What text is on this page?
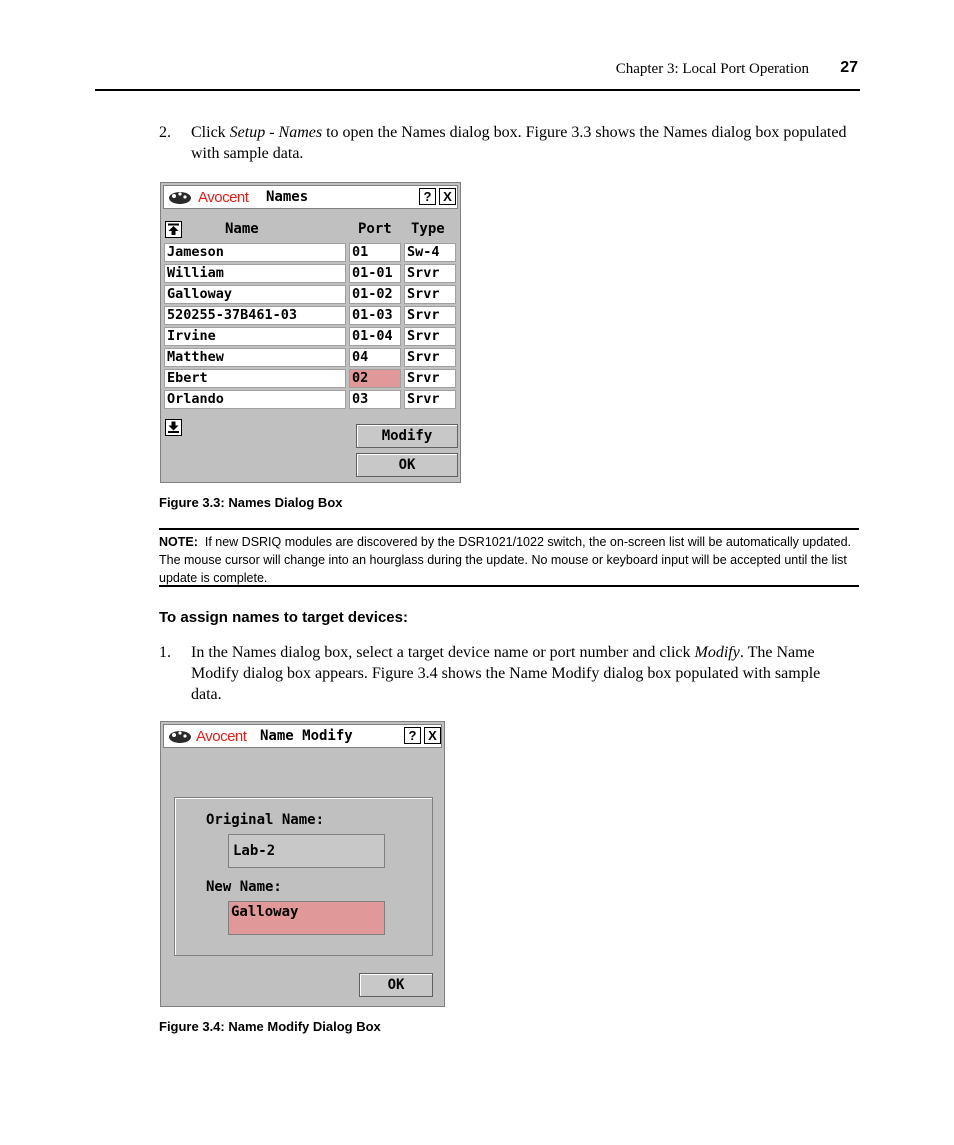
Chapter 3: Local Port Operation 27
2. Click Setup - Names to open the Names dialog box. Figure 3.3 shows the Names dialog box populated with sample data.
Avocent Names	? X
Name	Port Type
Jameson	01	Sw-4
William	01-01	Srvr
Galloway	01-02	Srvr
520255-37B461-03	01-03	Srvr
Irvine	01-04	Srvr
Matthew	04	Srvr
Ebert	02	Srvr
Orlando	03	Srvr
Modify
OK
Figure 3.3: Names Dialog Box
NOTE: If new DSRIQ modules are discovered by the DSR1021/1022 switch, the on-screen list will be automatically updated. The mouse cursor will change into an hourglass during the update. No mouse or keyboard input will be accepted until the list update is complete.
To assign names to target devices:
1. In the Names dialog box, select a target device name or port number and click Modify. The Name Modify dialog box appears. Figure 3.4 shows the Name Modify dialog box populated with sample data.
Avocent Name Modify	? X
Original Name:
Lab-2
New Name:
Galloway
OK
Figure 3.4: Name Modify Dialog Box
